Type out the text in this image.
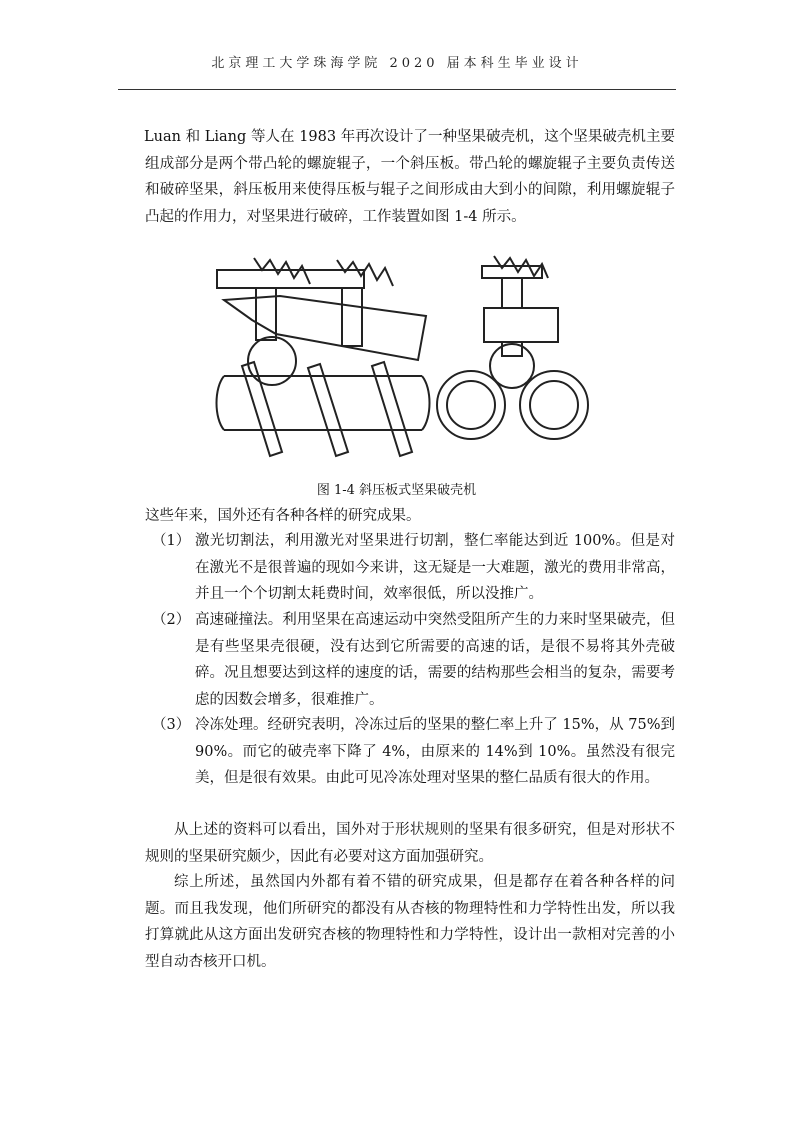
北京理工大学珠海学院 2020 届本科生毕业设计
Luan 和 Liang 等人在 1983 年再次设计了一种坚果破壳机，这个坚果破壳机主要组成部分是两个带凸轮的螺旋辊子，一个斜压板。带凸轮的螺旋辊子主要负责传送和破碎坚果，斜压板用来使得压板与辊子之间形成由大到小的间隙，利用螺旋辊子凸起的作用力，对坚果进行破碎，工作装置如图 1-4 所示。
图 1-4 斜压板式坚果破壳机
这些年来，国外还有各种各样的研究成果。
（1） 激光切割法，利用激光对坚果进行切割，整仁率能达到近 100%。但是对在激光不是很普遍的现如今来讲，这无疑是一大难题，激光的费用非常高，并且一个个切割太耗费时间，效率很低，所以没推广。
（2） 高速碰撞法。利用坚果在高速运动中突然受阻所产生的力来时坚果破壳，但是有些坚果壳很硬，没有达到它所需要的高速的话，是很不易将其外壳破碎。况且想要达到这样的速度的话，需要的结构那些会相当的复杂，需要考虑的因数会增多，很难推广。
（3） 冷冻处理。经研究表明，冷冻过后的坚果的整仁率上升了 15%，从 75%到 90%。而它的破壳率下降了 4%，由原来的 14%到 10%。虽然没有很完美，但是很有效果。由此可见冷冻处理对坚果的整仁品质有很大的作用。
从上述的资料可以看出，国外对于形状规则的坚果有很多研究，但是对形状不规则的坚果研究颇少，因此有必要对这方面加强研究。
综上所述，虽然国内外都有着不错的研究成果，但是都存在着各种各样的问题。而且我发现，他们所研究的都没有从杏核的物理特性和力学特性出发，所以我打算就此从这方面出发研究杏核的物理特性和力学特性，设计出一款相对完善的小型自动杏核开口机。
